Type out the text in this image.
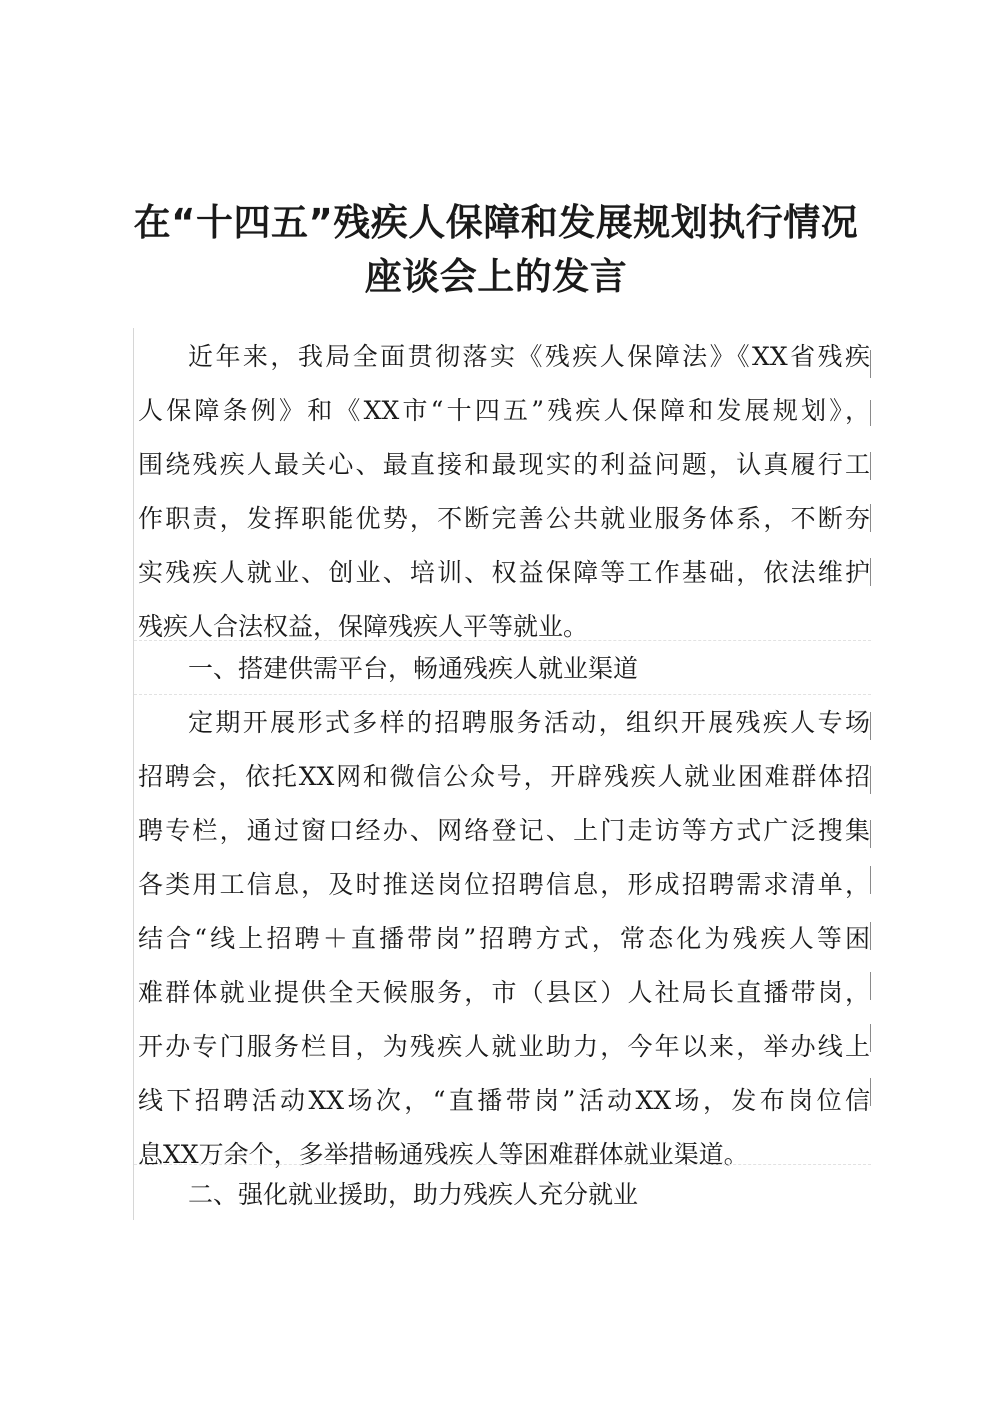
在“十四五”残疾人保障和发展规划执行情况
座谈会上的发言
近年来，我局全面贯彻落实《残疾人保障法》《XX省残疾
人保障条例》和《XX市“十四五”残疾人保障和发展规划》，
围绕残疾人最关心、最直接和最现实的利益问题，认真履行工
作职责，发挥职能优势，不断完善公共就业服务体系，不断夯
实残疾人就业、创业、培训、权益保障等工作基础，依法维护
残疾人合法权益，保障残疾人平等就业。
一、搭建供需平台，畅通残疾人就业渠道
定期开展形式多样的招聘服务活动，组织开展残疾人专场
招聘会，依托XX网和微信公众号，开辟残疾人就业困难群体招
聘专栏，通过窗口经办、网络登记、上门走访等方式广泛搜集
各类用工信息，及时推送岗位招聘信息，形成招聘需求清单，
结合“线上招聘＋直播带岗”招聘方式，常态化为残疾人等困
难群体就业提供全天候服务，市（县区）人社局长直播带岗，
开办专门服务栏目，为残疾人就业助力，今年以来，举办线上
线下招聘活动XX场次，“直播带岗”活动XX场，发布岗位信
息XX万余个，多举措畅通残疾人等困难群体就业渠道。
二、强化就业援助，助力残疾人充分就业
